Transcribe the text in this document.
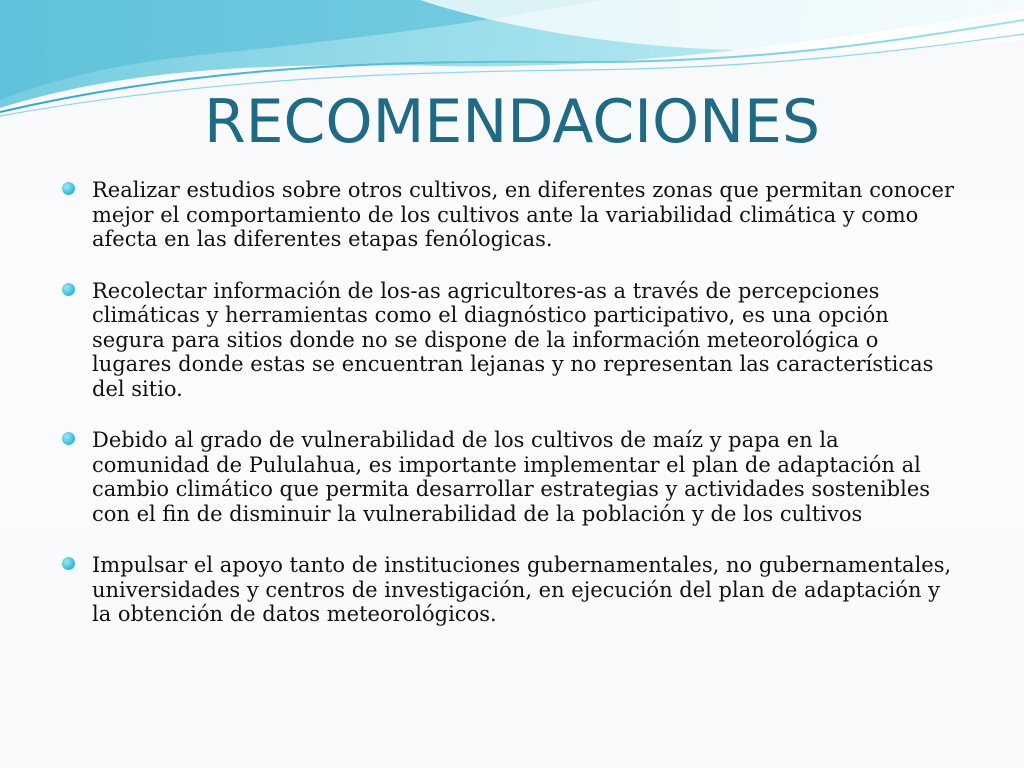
RECOMENDACIONES
Realizar estudios sobre otros cultivos, en diferentes zonas que permitan conocer mejor el comportamiento de los cultivos ante la variabilidad climática y como afecta en las diferentes etapas fenólogicas.
Recolectar información de los-as agricultores-as a través de percepciones climáticas y herramientas como el diagnóstico participativo, es una opción segura para sitios donde no se dispone de la información meteorológica o lugares donde estas se encuentran lejanas y no representan las características del sitio.
Debido al grado de vulnerabilidad de los cultivos de maíz y papa en la comunidad de Pululahua, es importante implementar el plan de adaptación al cambio climático que permita desarrollar estrategias y actividades sostenibles con el fin de disminuir la vulnerabilidad de la población y de los cultivos
Impulsar el apoyo tanto de instituciones gubernamentales, no gubernamentales, universidades y centros de investigación, en ejecución del plan de adaptación y la obtención de datos meteorológicos.
